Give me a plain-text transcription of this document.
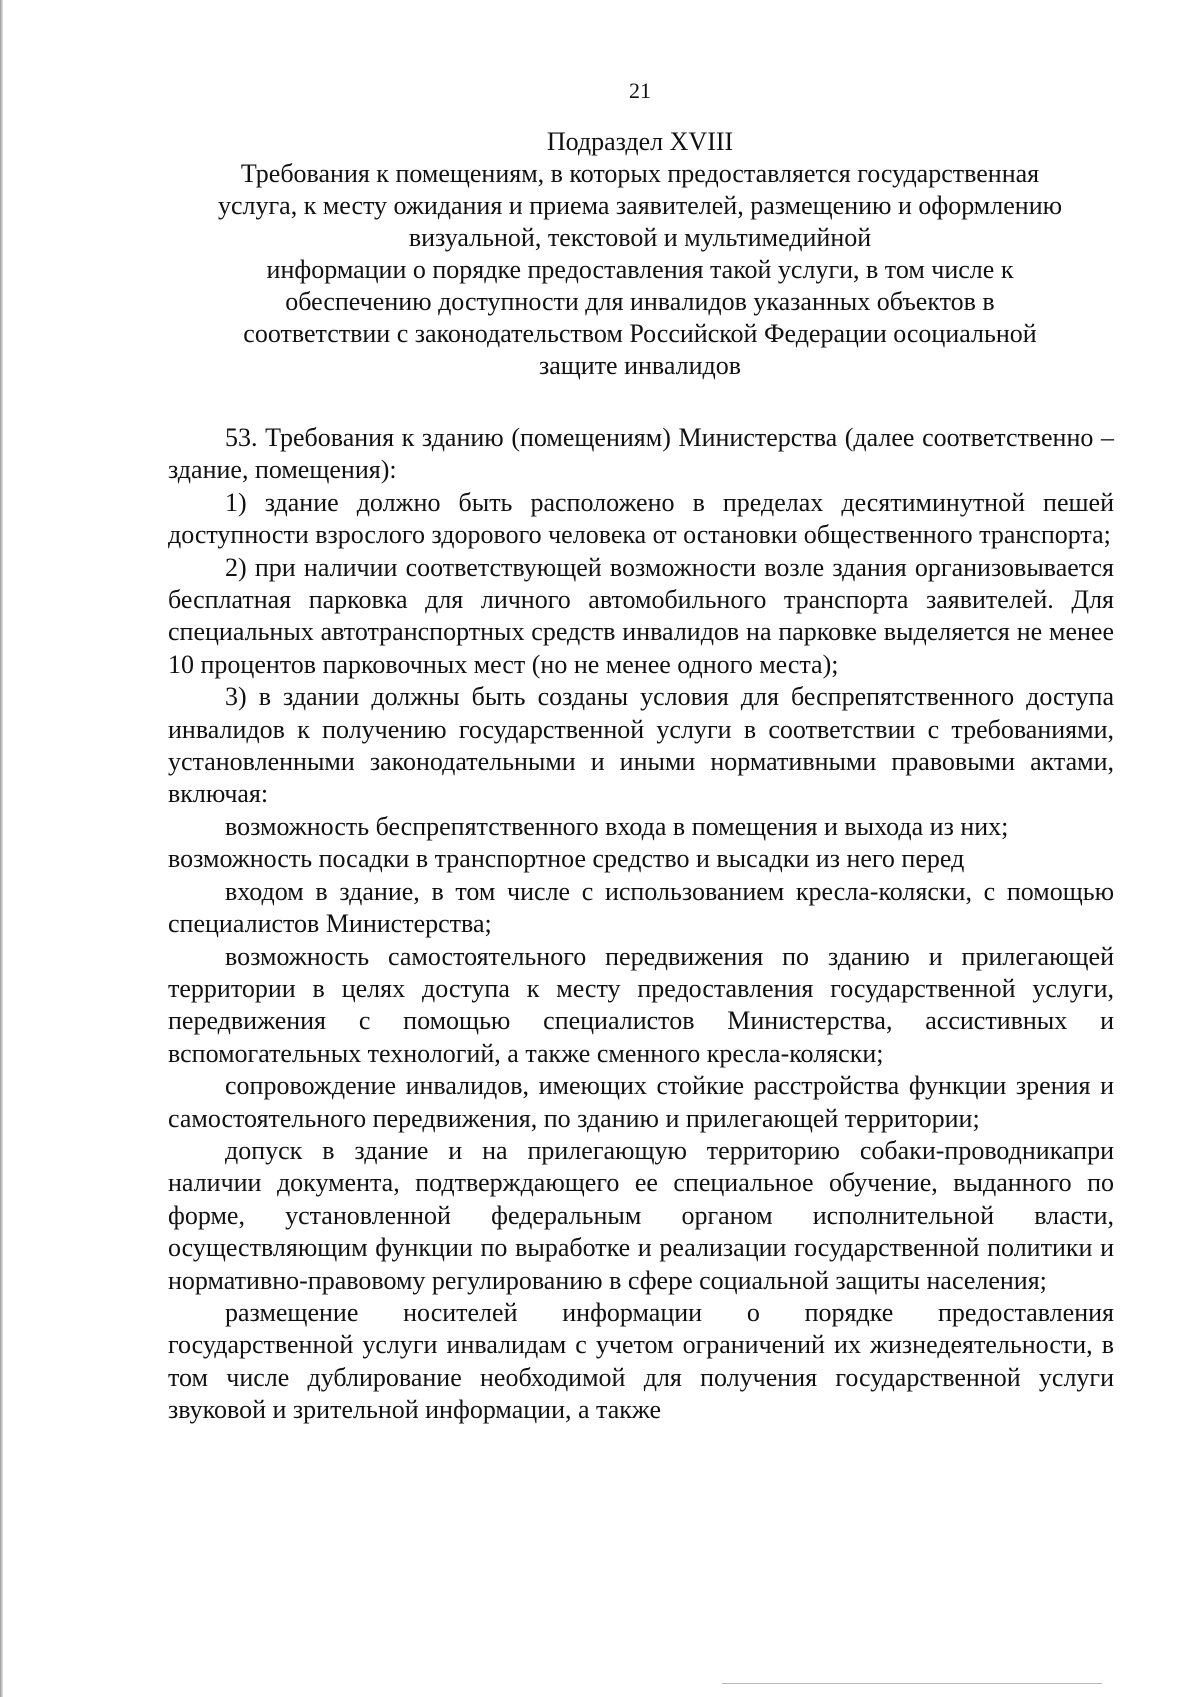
21
Подраздел XVIII
Требования к помещениям, в которых предоставляется государственная
услуга, к месту ожидания и приема заявителей, размещению и оформлению
визуальной, текстовой и мультимедийной
информации о порядке предоставления такой услуги, в том числе к
обеспечению доступности для инвалидов указанных объектов в
соответствии с законодательством Российской Федерации осоциальной
защите инвалидов

53. Требования к зданию (помещениям) Министерства (далее соответственно – здание, помещения):

1) здание должно быть расположено в пределах десятиминутной пешей доступности взрослого здорового человека от остановки общественного транспорта;

2) при наличии соответствующей возможности возле здания организовывается бесплатная парковка для личного автомобильного транспорта заявителей. Для специальных автотранспортных средств инвалидов на парковке выделяется не менее 10 процентов парковочных мест (но не менее одного места);

3) в здании должны быть созданы условия для беспрепятственного доступа инвалидов к получению государственной услуги в соответствии с требованиями, установленными законодательными и иными нормативными правовыми актами, включая:

возможность беспрепятственного входа в помещения и выхода из них;

возможность посадки в транспортное средство и высадки из него перед

входом в здание, в том числе с использованием кресла-коляски, с помощью специалистов Министерства;

возможность самостоятельного передвижения по зданию и прилегающей территории в целях доступа к месту предоставления государственной услуги, передвижения с помощью специалистов Министерства, ассистивных и вспомогательных технологий, а также сменного кресла-коляски;

сопровождение инвалидов, имеющих стойкие расстройства функции зрения и самостоятельного передвижения, по зданию и прилегающей территории;

допуск в здание и на прилегающую территорию собаки-проводникапри наличии документа, подтверждающего ее специальное обучение, выданного по форме, установленной федеральным органом исполнительной власти, осуществляющим функции по выработке и реализации государственной политики и нормативно-правовому регулированию в сфере социальной защиты населения;

размещение носителей информации о порядке предоставления государственной услуги инвалидам с учетом ограничений их жизнедеятельности, в том числе дублирование необходимой для получения государственной услуги звуковой и зрительной информации, а также
